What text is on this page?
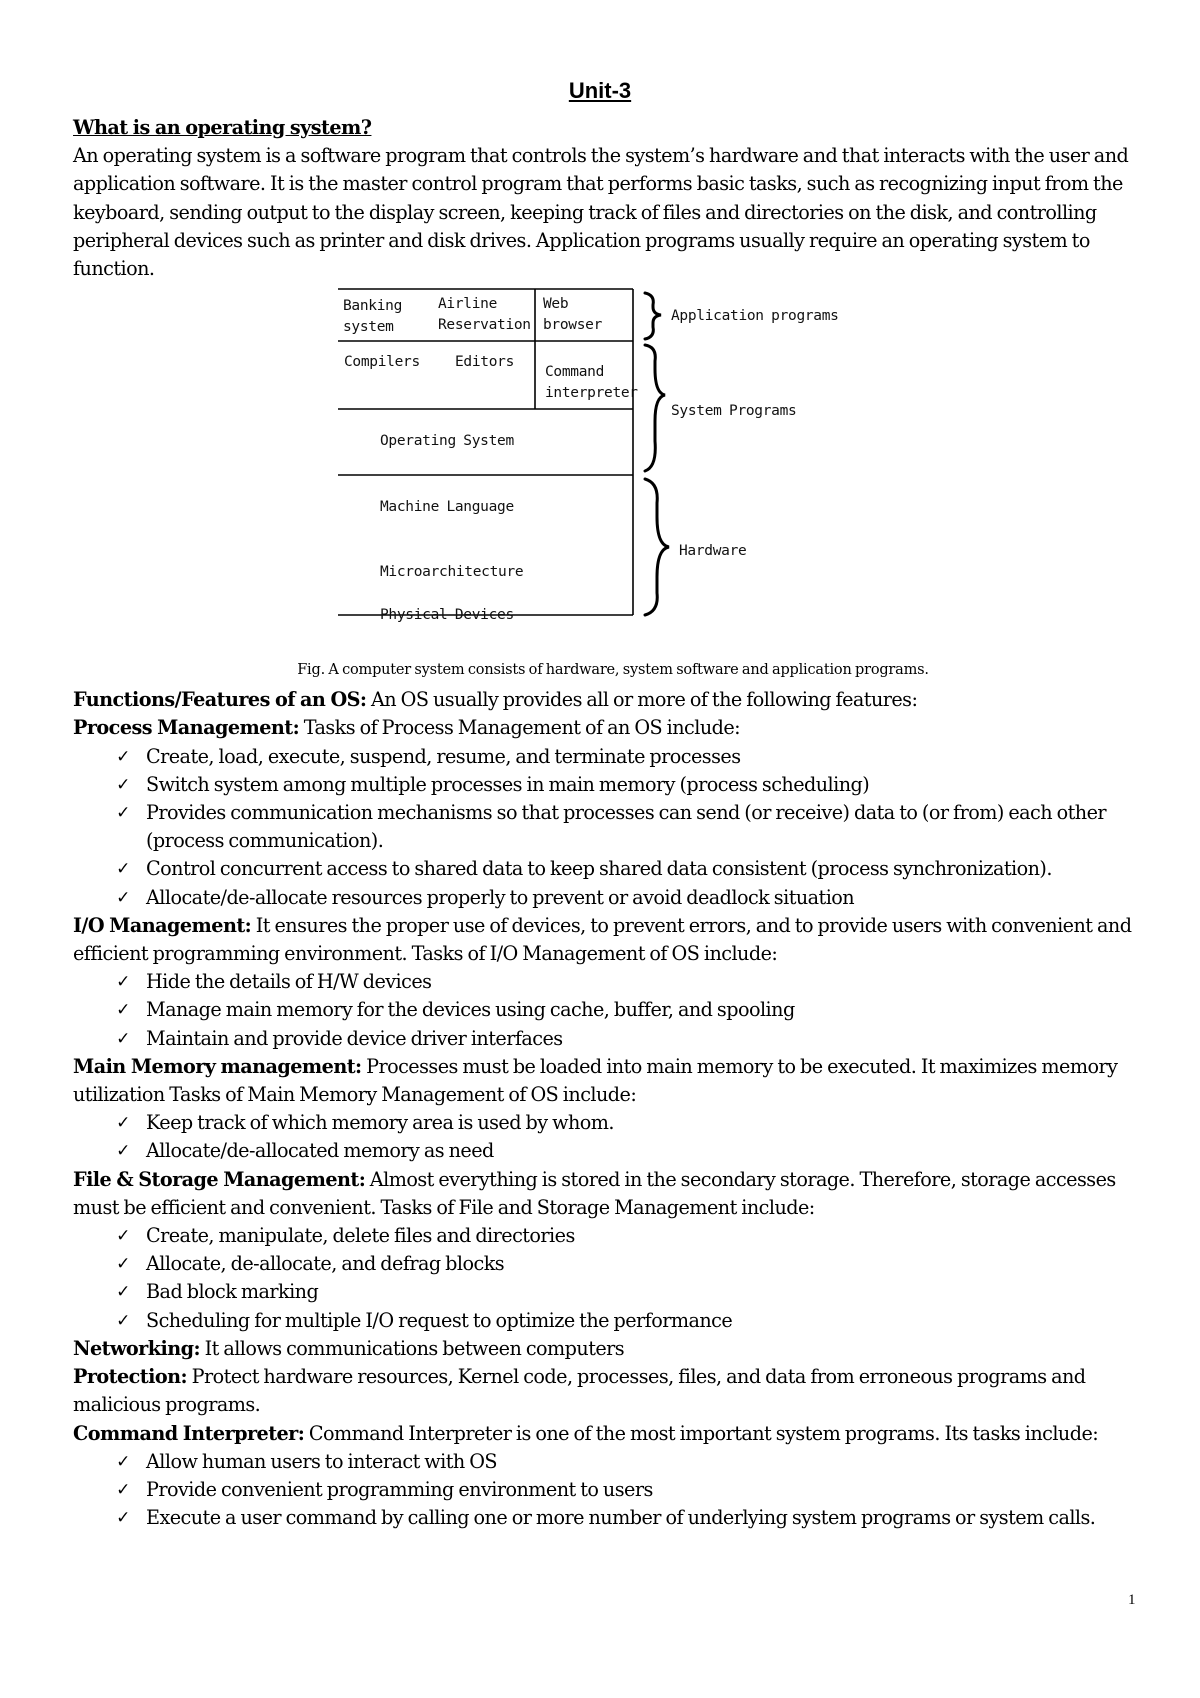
Unit-3

What is an operating system?

An operating system is a software program that controls the system’s hardware and that interacts with the user and application software. It is the master control program that performs basic tasks, such as recognizing input from the keyboard, sending output to the display screen, keeping track of files and directories on the disk, and controlling peripheral devices such as printer and disk drives. Application programs usually require an operating system to function.

Banking
system
Airline
Reservation
Web
browser
Compilers Editors
Command
interpreter
Operating System
Machine Language
Microarchitecture
Physical Devices
Application programs
System Programs
Hardware
Fig. A computer system consists of hardware, system software and application programs.

Functions/Features of an OS: An OS usually provides all or more of the following features:

Process Management: Tasks of Process Management of an OS include:

✓ Create, load, execute, suspend, resume, and terminate processes
✓ Switch system among multiple processes in main memory (process scheduling)
✓ Provides communication mechanisms so that processes can send (or receive) data to (or from) each other (process communication).
✓ Control concurrent access to shared data to keep shared data consistent (process synchronization).
✓ Allocate/de-allocate resources properly to prevent or avoid deadlock situation

I/O Management: It ensures the proper use of devices, to prevent errors, and to provide users with convenient and efficient programming environment. Tasks of I/O Management of OS include:

✓ Hide the details of H/W devices
✓ Manage main memory for the devices using cache, buffer, and spooling
✓ Maintain and provide device driver interfaces

Main Memory management: Processes must be loaded into main memory to be executed. It maximizes memory utilization Tasks of Main Memory Management of OS include:

✓ Keep track of which memory area is used by whom.
✓ Allocate/de-allocated memory as need

File & Storage Management: Almost everything is stored in the secondary storage. Therefore, storage accesses must be efficient and convenient. Tasks of File and Storage Management include:

✓ Create, manipulate, delete files and directories
✓ Allocate, de-allocate, and defrag blocks
✓ Bad block marking
✓ Scheduling for multiple I/O request to optimize the performance

Networking: It allows communications between computers

Protection: Protect hardware resources, Kernel code, processes, files, and data from erroneous programs and malicious programs.

Command Interpreter: Command Interpreter is one of the most important system programs. Its tasks include:

✓ Allow human users to interact with OS
✓ Provide convenient programming environment to users
✓ Execute a user command by calling one or more number of underlying system programs or system calls.
1
